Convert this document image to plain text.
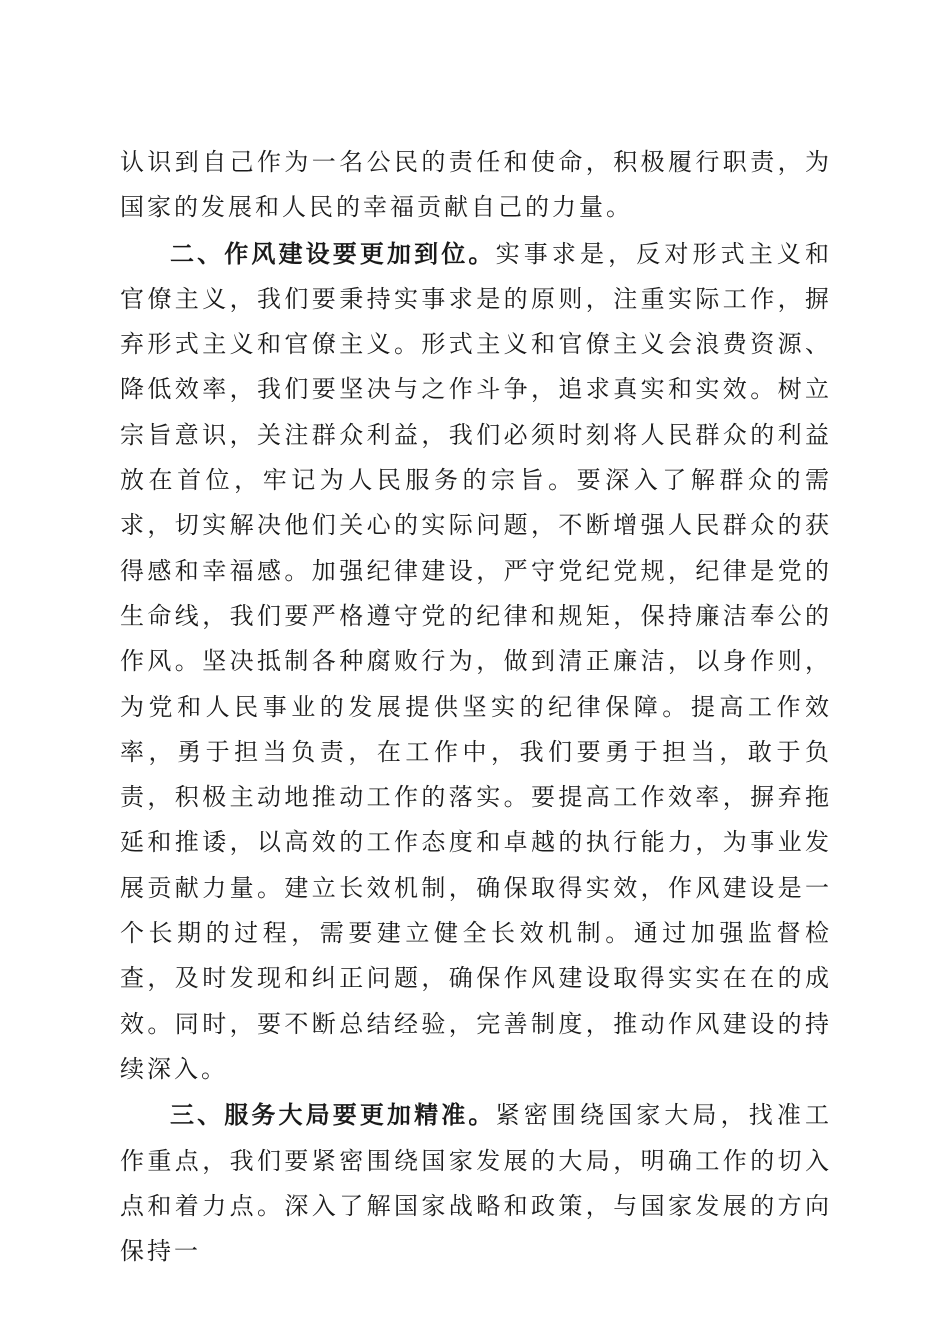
认识到自己作为一名公民的责任和使命，积极履行职责，为国家的发展和人民的幸福贡献自己的力量。

二、作风建设要更加到位。实事求是，反对形式主义和官僚主义，我们要秉持实事求是的原则，注重实际工作，摒弃形式主义和官僚主义。形式主义和官僚主义会浪费资源、降低效率，我们要坚决与之作斗争，追求真实和实效。树立宗旨意识，关注群众利益，我们必须时刻将人民群众的利益放在首位，牢记为人民服务的宗旨。要深入了解群众的需求，切实解决他们关心的实际问题，不断增强人民群众的获得感和幸福感。加强纪律建设，严守党纪党规，纪律是党的生命线，我们要严格遵守党的纪律和规矩，保持廉洁奉公的作风。坚决抵制各种腐败行为，做到清正廉洁，以身作则，为党和人民事业的发展提供坚实的纪律保障。提高工作效率，勇于担当负责，在工作中，我们要勇于担当，敢于负责，积极主动地推动工作的落实。要提高工作效率，摒弃拖延和推诿，以高效的工作态度和卓越的执行能力，为事业发展贡献力量。建立长效机制，确保取得实效，作风建设是一个长期的过程，需要建立健全长效机制。通过加强监督检查，及时发现和纠正问题，确保作风建设取得实实在在的成效。同时，要不断总结经验，完善制度，推动作风建设的持续深入。

三、服务大局要更加精准。紧密围绕国家大局，找准工作重点，我们要紧密围绕国家发展的大局，明确工作的切入点和着力点。深入了解国家战略和政策，与国家发展的方向保持一
